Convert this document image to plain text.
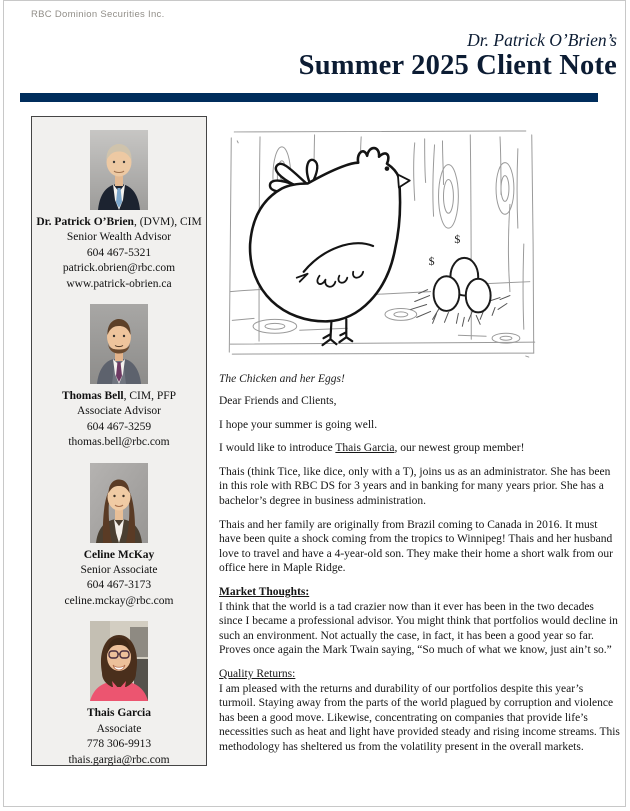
RBC Dominion Securities Inc.
Dr. Patrick O’Brien’s
Summer 2025 Client Note
Dr. Patrick O’Brien, (DVM), CIM
Senior Wealth Advisor
604 467-5321
patrick.obrien@rbc.com
www.patrick-obrien.ca
Thomas Bell, CIM, PFP
Associate Advisor
604 467-3259
thomas.bell@rbc.com
Celine McKay
Senior Associate
604 467-3173
celine.mckay@rbc.com
Thais Garcia
Associate
778 306-9913
thais.gargia@rbc.com
$
$
The Chicken and her Eggs!
Dear Friends and Clients,
I hope your summer is going well.
I would like to introduce Thais Garcia, our newest group member!
Thais (think Tice, like dice, only with a T), joins us as an administrator. She has been in this role with RBC DS for 3 years and in banking for many years prior. She has a bachelor’s degree in business administration.
Thais and her family are originally from Brazil coming to Canada in 2016. It must have been quite a shock coming from the tropics to Winnipeg! Thais and her husband love to travel and have a 4-year-old son. They make their home a short walk from our office here in Maple Ridge.
Market Thoughts:
I think that the world is a tad crazier now than it ever has been in the two decades since I became a professional advisor. You might think that portfolios would decline in such an environment. Not actually the case, in fact, it has been a good year so far. Proves once again the Mark Twain saying, “So much of what we know, just ain’t so.”
Quality Returns:
I am pleased with the returns and durability of our portfolios despite this year’s turmoil. Staying away from the parts of the world plagued by corruption and violence has been a good move. Likewise, concentrating on companies that provide life’s necessities such as heat and light have provided steady and rising income streams. This methodology has sheltered us from the volatility present in the overall markets.
